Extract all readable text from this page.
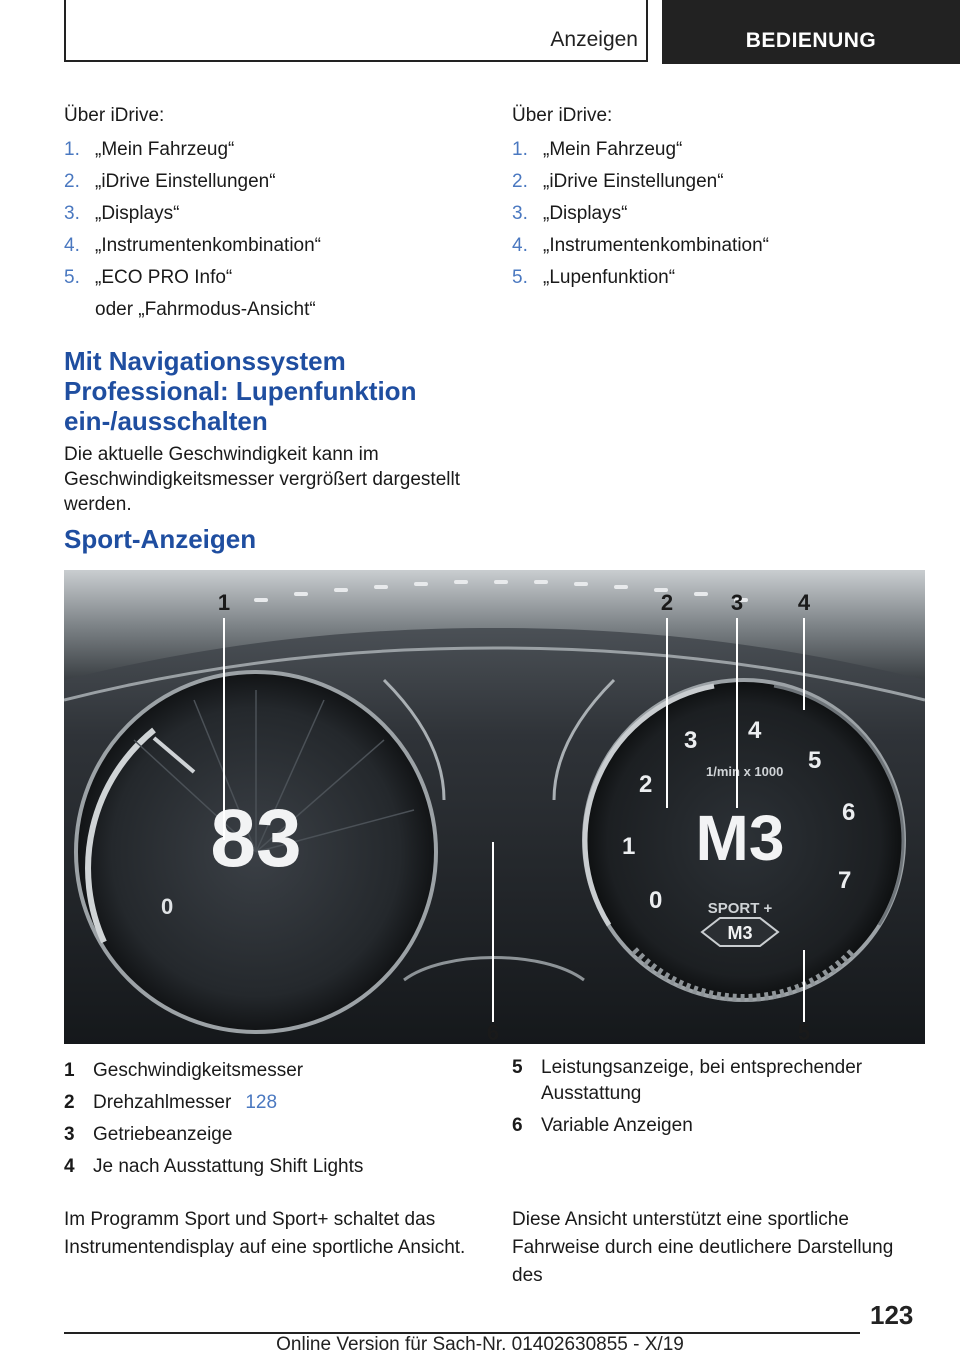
Anzeigen	BEDIENUNG

Über iDrive:

1. „Mein Fahrzeug“
2. „iDrive Einstellungen“
3. „Displays“
4. „Instrumentenkombination“
5. „ECO PRO Info“
oder „Fahrmodus-Ansicht“
Mit Navigationssystem Professional: Lupenfunktion ein-/ausschalten

Die aktuelle Geschwindigkeit kann im Geschwindigkeitsmesser vergrößert dargestellt werden.

Über iDrive:

1. „Mein Fahrzeug“
2. „iDrive Einstellungen“
3. „Displays“
4. „Instrumentenkombination“
5. „Lupenfunktion“
Sport-Anzeigen
83
0	0
1
2
3 4
5
6
7
1/min x 1000
M3
SPORT +
M3
1	2	3 4
5
6
1 Geschwindigkeitsmesser
2 Drehzahlmesser 128
3 Getriebeanzeige
4 Je nach Ausstattung Shift Lights
5 Leistungsanzeige, bei entsprechender Ausstattung
6 Variable Anzeigen

Im Programm Sport und Sport+ schaltet das Instrumentendisplay auf eine sportliche Ansicht.

Diese Ansicht unterstützt eine sportliche Fahrweise durch eine deutlichere Darstellung des

123
Online Version für Sach-Nr. 01402630855 - X/19
